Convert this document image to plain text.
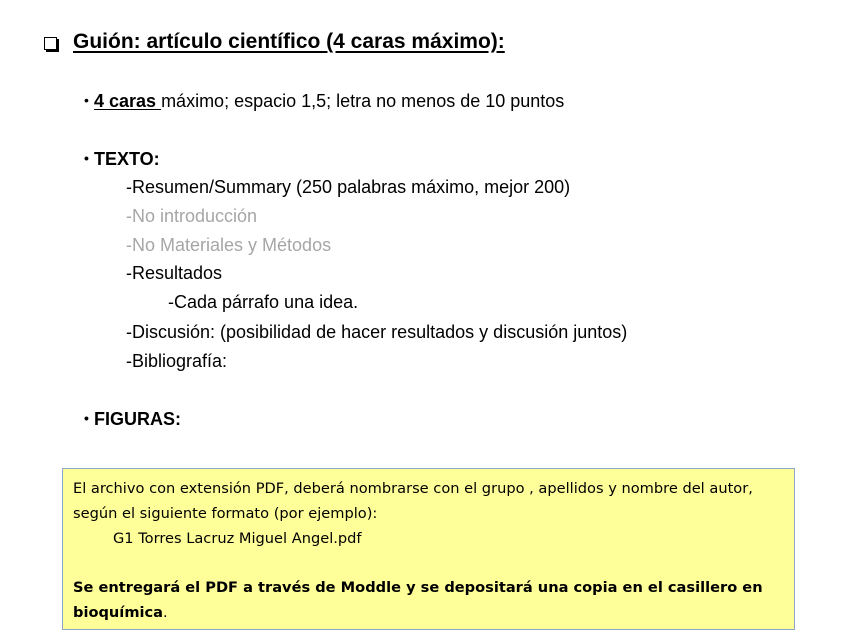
Guión: artículo científico (4 caras máximo):
• 4 caras máximo; espacio 1,5; letra no menos de 10 puntos
• TEXTO:
-Resumen/Summary (250 palabras máximo, mejor 200)
-No introducción
-No Materiales y Métodos
-Resultados
-Cada párrafo una idea.
-Discusión: (posibilidad de hacer resultados y discusión juntos)
-Bibliografía:
• FIGURAS:

El archivo con extensión PDF, deberá nombrarse con el grupo , apellidos y nombre del autor, según el siguiente formato (por ejemplo):

G1 Torres Lacruz Miguel Angel.pdf

Se entregará el PDF a través de Moddle y se depositará una copia en el casillero en bioquímica.
